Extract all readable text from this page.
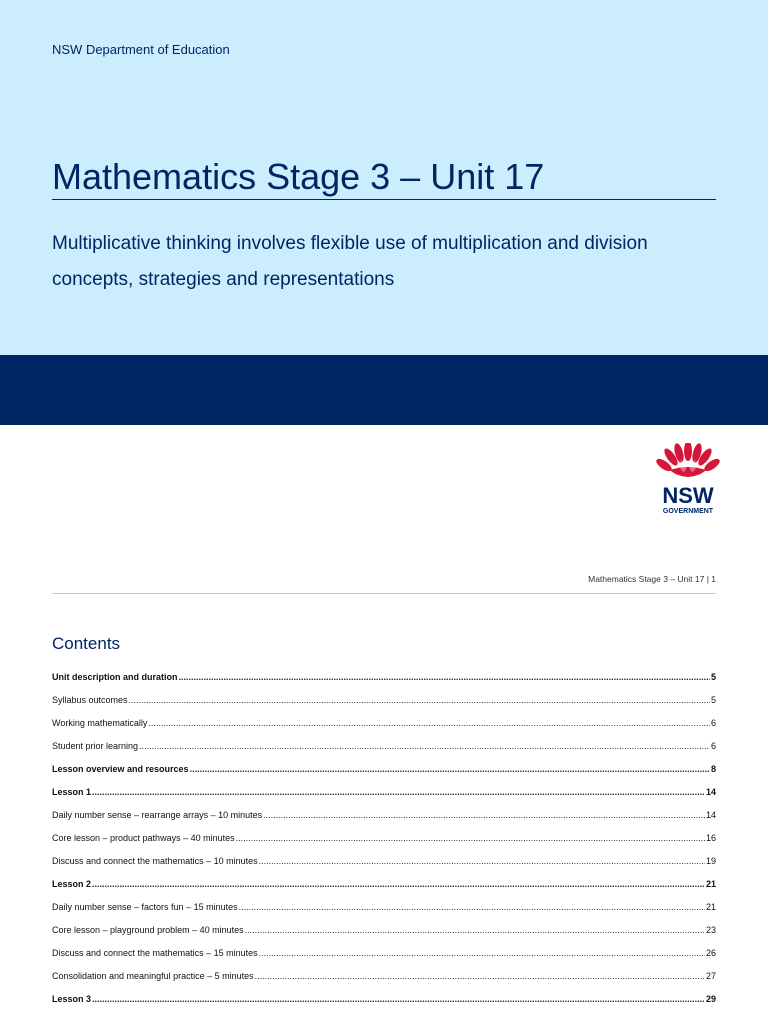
NSW Department of Education
Mathematics Stage 3 – Unit 17
Multiplicative thinking involves flexible use of multiplication and division concepts, strategies and representations
NSW
GOVERNMENT
Mathematics Stage 3 – Unit 17 | 1
Contents
Unit description and duration .....	5
Syllabus outcomes .....	5
Working mathematically .....	6
Student prior learning .....	6
Lesson overview and resources .....	8
Lesson 1 .....	14
Daily number sense – rearrange arrays – 10 minutes .....	14
Core lesson – product pathways – 40 minutes .....	16
Discuss and connect the mathematics – 10 minutes .....	19
Lesson 2 .....	21
Daily number sense – factors fun – 15 minutes .....	21
Core lesson – playground problem – 40 minutes .....	23
Discuss and connect the mathematics – 15 minutes .....	26
Consolidation and meaningful practice – 5 minutes .....	27
Lesson 3 .....	29
